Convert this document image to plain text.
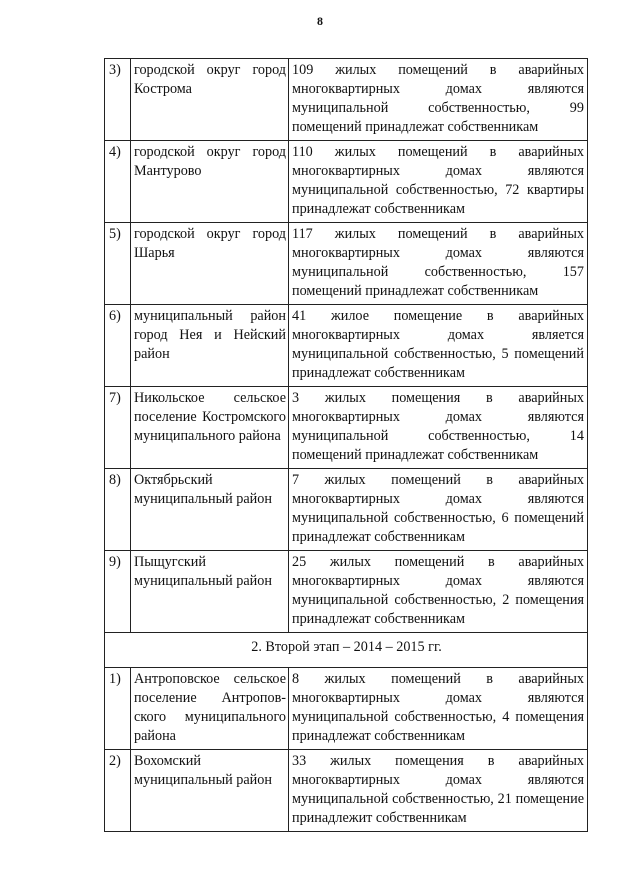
8
3)	городской округ город Кострома	109 жилых помещений в аварийных многоквартирных домах являются муниципальной собственностью, 99 помещений принадлежат собственникам
4)	городской округ город Мантурово	110 жилых помещений в аварийных многоквартирных домах являются муниципальной собственностью, 72 квартиры принадлежат собственникам
5)	городской округ город Шарья	117 жилых помещений в аварийных многоквартирных домах являются муниципальной собственностью, 157 помещений принадлежат собственникам
6)	муниципальный район город Нея и Нейский район	41 жилое помещение в аварийных многоквартирных домах является муниципальной собственностью, 5 помещений принадлежат собственникам
7)	Никольское сельское поселение Костромского муниципального района	3 жилых помещения в аварийных многоквартирных домах являются муниципальной собственностью, 14 помещений принадлежат собственникам
8)	Октябрьский муниципальный район	7 жилых помещений в аварийных многоквартирных домах являются муниципальной собственностью, 6 помещений принадлежат собственникам
9)	Пыщугский муниципальный район	25 жилых помещений в аварийных многоквартирных домах являются муниципальной собственностью, 2 помещения принадлежат собственникам
2. Второй этап – 2014 – 2015 гг.		
1)	Антроповское сельское поселение Антропов-ского муниципального района	8 жилых помещений в аварийных многоквартирных домах являются муниципальной собственностью, 4 помещения принадлежат собственникам
2)	Вохомский муниципальный район	33 жилых помещения в аварийных многоквартирных домах являются муниципальной собственностью, 21 помещение принадлежит собственникам
